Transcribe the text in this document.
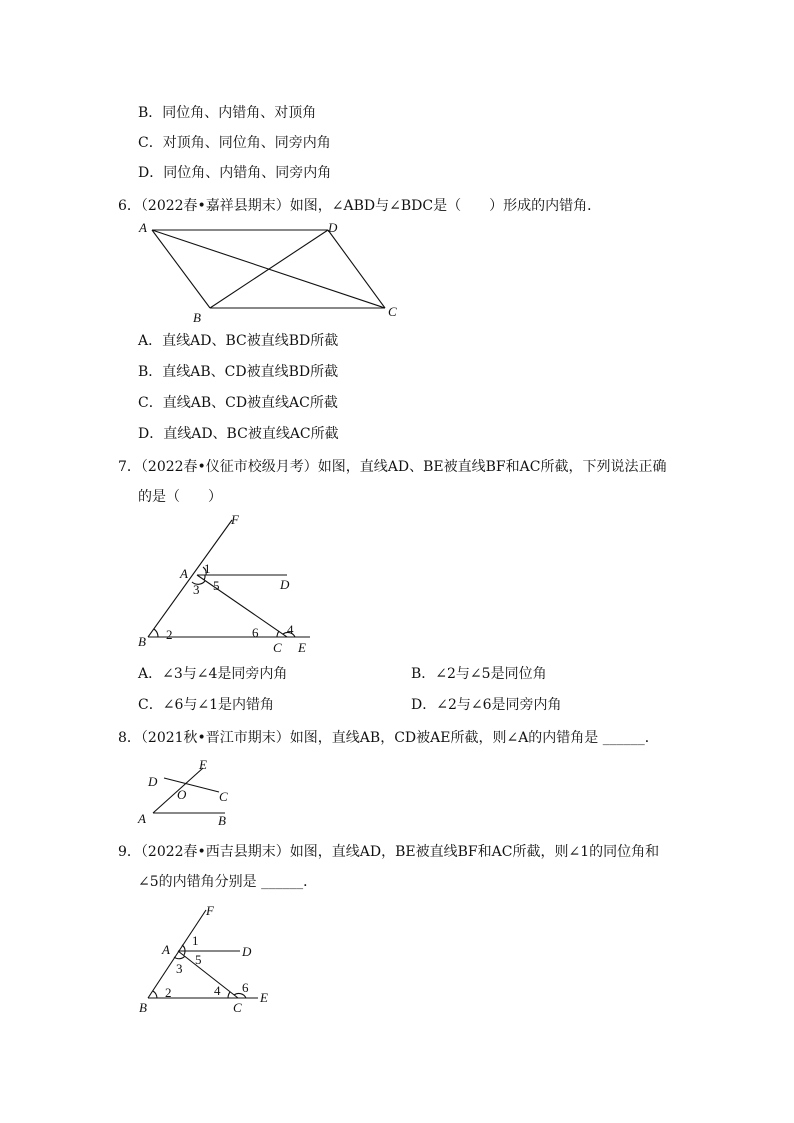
B．同位角、内错角、对顶角
C．对顶角、同位角、同旁内角
D．同位角、内错角、同旁内角
6．（2022春•嘉祥县期末）如图，∠ABD与∠BDC是（　　）形成的内错角．
A	D
B	C
A．直线AD、BC被直线BD所截
B．直线AB、CD被直线BD所截
C．直线AB、CD被直线AC所截
D．直线AD、BC被直线AC所截
7．（2022春•仪征市校级月考）如图，直线AD、BE被直线BF和AC所截，下列说法正确
的是（　　）
F
A
D
B	C E
1
2
3
4
5
6
A．∠3与∠4是同旁内角	B．∠2与∠5是同位角
C．∠6与∠1是内错角	D．∠2与∠6是同旁内角
8．（2021秋•晋江市期末）如图，直线AB，CD被AE所截，则∠A的内错角是 ______．
D
E
O	C
A	B
9．（2022春•西吉县期末）如图，直线AD，BE被直线BF和AC所截，则∠1的同位角和
∠5的内错角分别是 ______．
F
A	D
B	C
E
1
2
3
4
5
6
